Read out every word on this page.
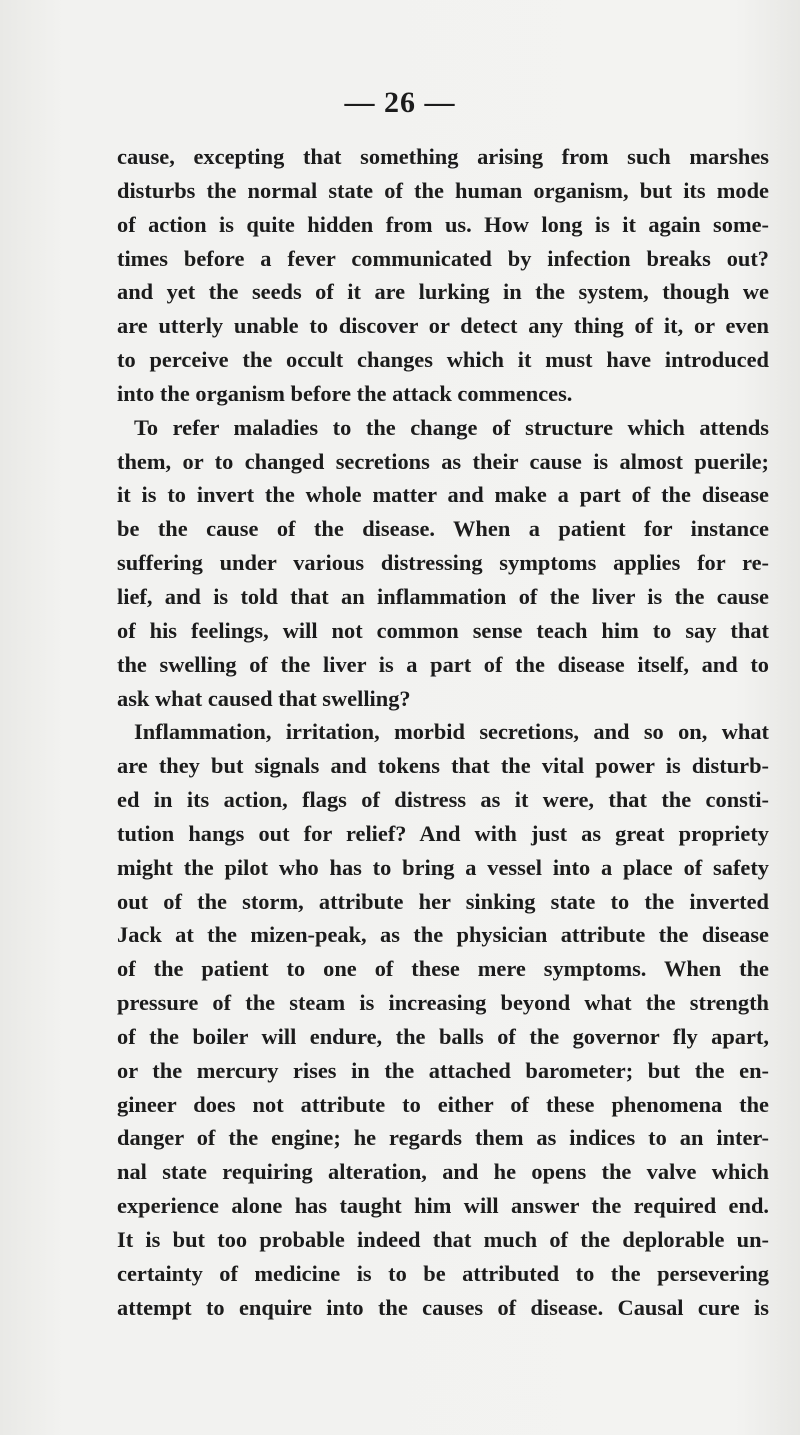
— 26 —
cause, excepting that something arising from such marshes
disturbs the normal state of the human organism, but its mode
of action is quite hidden from us. How long is it again some-
times before a fever communicated by infection breaks out?
and yet the seeds of it are lurking in the system, though we
are utterly unable to discover or detect any thing of it, or even
to perceive the occult changes which it must have introduced
into the organism before the attack commences.
To refer maladies to the change of structure which attends
them, or to changed secretions as their cause is almost puerile;
it is to invert the whole matter and make a part of the disease
be the cause of the disease. When a patient for instance
suffering under various distressing symptoms applies for re-
lief, and is told that an inflammation of the liver is the cause
of his feelings, will not common sense teach him to say that
the swelling of the liver is a part of the disease itself, and to
ask what caused that swelling?
Inflammation, irritation, morbid secretions, and so on, what
are they but signals and tokens that the vital power is disturb-
ed in its action, flags of distress as it were, that the consti-
tution hangs out for relief? And with just as great propriety
might the pilot who has to bring a vessel into a place of safety
out of the storm, attribute her sinking state to the inverted
Jack at the mizen-peak, as the physician attribute the disease
of the patient to one of these mere symptoms. When the
pressure of the steam is increasing beyond what the strength
of the boiler will endure, the balls of the governor fly apart,
or the mercury rises in the attached barometer; but the en-
gineer does not attribute to either of these phenomena the
danger of the engine; he regards them as indices to an inter-
nal state requiring alteration, and he opens the valve which
experience alone has taught him will answer the required end.
It is but too probable indeed that much of the deplorable un-
certainty of medicine is to be attributed to the persevering
attempt to enquire into the causes of disease. Causal cure is
